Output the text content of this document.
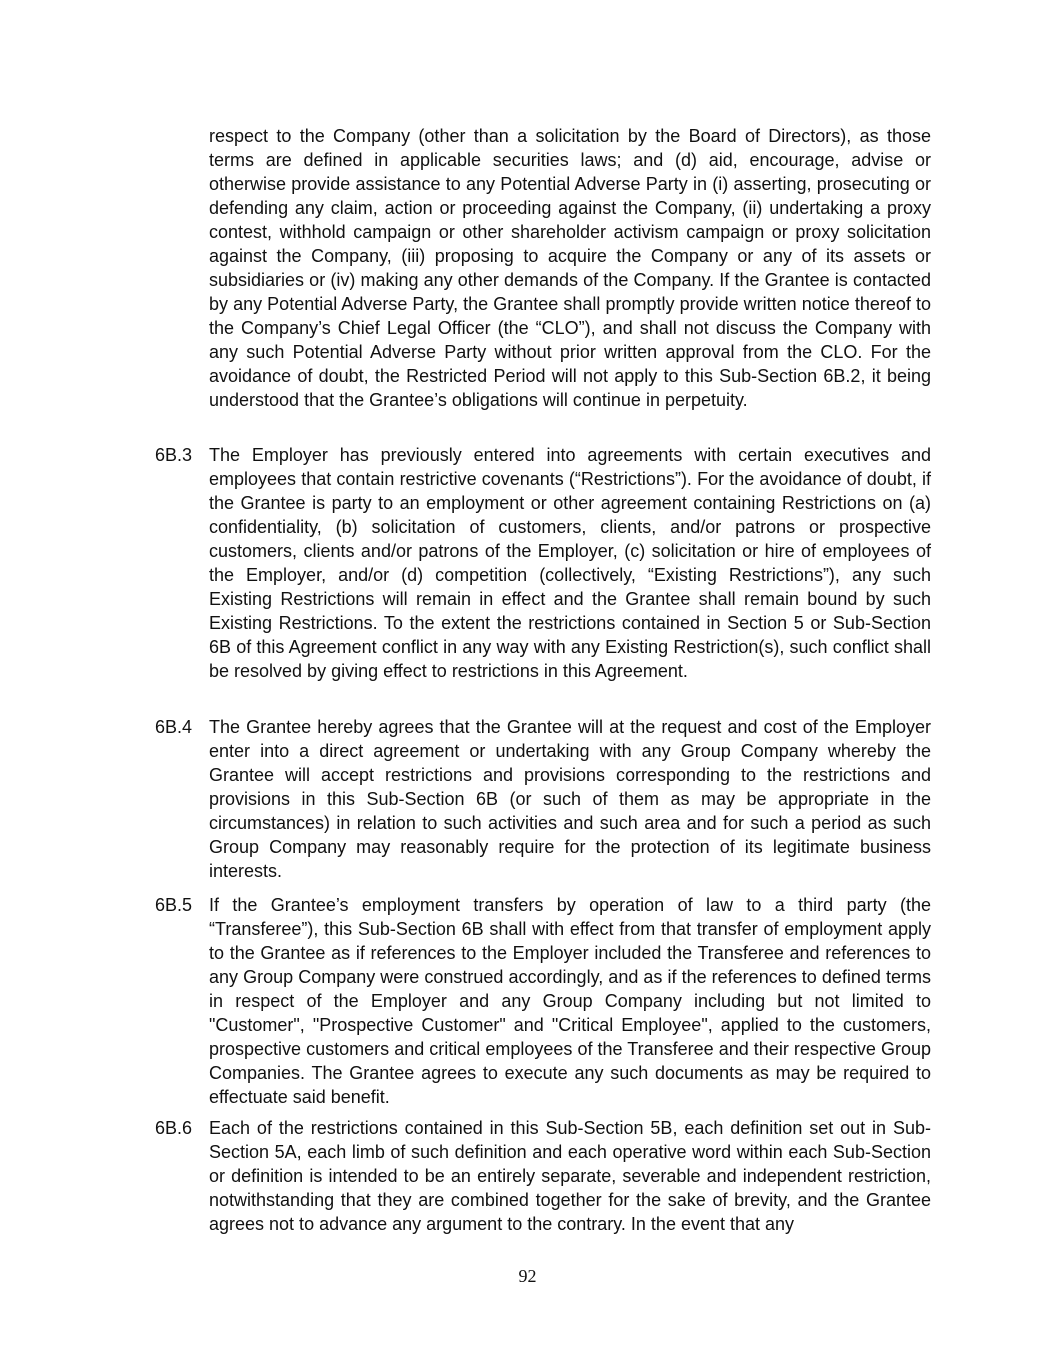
respect to the Company (other than a solicitation by the Board of Directors), as those terms are defined in applicable securities laws; and (d) aid, encourage, advise or otherwise provide assistance to any Potential Adverse Party in (i) asserting, prosecuting or defending any claim, action or proceeding against the Company, (ii) undertaking a proxy contest, withhold campaign or other shareholder activism campaign or proxy solicitation against the Company, (iii) proposing to acquire the Company or any of its assets or subsidiaries or (iv) making any other demands of the Company. If the Grantee is contacted by any Potential Adverse Party, the Grantee shall promptly provide written notice thereof to the Company’s Chief Legal Officer (the “CLO”), and shall not discuss the Company with any such Potential Adverse Party without prior written approval from the CLO. For the avoidance of doubt, the Restricted Period will not apply to this Sub-Section 6B.2, it being understood that the Grantee’s obligations will continue in perpetuity.
6B.3 The Employer has previously entered into agreements with certain executives and employees that contain restrictive covenants (“Restrictions”). For the avoidance of doubt, if the Grantee is party to an employment or other agreement containing Restrictions on (a) confidentiality, (b) solicitation of customers, clients, and/or patrons or prospective customers, clients and/or patrons of the Employer, (c) solicitation or hire of employees of the Employer, and/or (d) competition (collectively, “Existing Restrictions”), any such Existing Restrictions will remain in effect and the Grantee shall remain bound by such Existing Restrictions. To the extent the restrictions contained in Section 5 or Sub-Section 6B of this Agreement conflict in any way with any Existing Restriction(s), such conflict shall be resolved by giving effect to restrictions in this Agreement.
6B.4 The Grantee hereby agrees that the Grantee will at the request and cost of the Employer enter into a direct agreement or undertaking with any Group Company whereby the Grantee will accept restrictions and provisions corresponding to the restrictions and provisions in this Sub-Section 6B (or such of them as may be appropriate in the circumstances) in relation to such activities and such area and for such a period as such Group Company may reasonably require for the protection of its legitimate business interests.
6B.5 If the Grantee’s employment transfers by operation of law to a third party (the “Transferee”), this Sub-Section 6B shall with effect from that transfer of employment apply to the Grantee as if references to the Employer included the Transferee and references to any Group Company were construed accordingly, and as if the references to defined terms in respect of the Employer and any Group Company including but not limited to "Customer", "Prospective Customer" and "Critical Employee", applied to the customers, prospective customers and critical employees of the Transferee and their respective Group Companies. The Grantee agrees to execute any such documents as may be required to effectuate said benefit.
6B.6 Each of the restrictions contained in this Sub-Section 5B, each definition set out in Sub-Section 5A, each limb of such definition and each operative word within each Sub-Section or definition is intended to be an entirely separate, severable and independent restriction, notwithstanding that they are combined together for the sake of brevity, and the Grantee agrees not to advance any argument to the contrary. In the event that any
92
